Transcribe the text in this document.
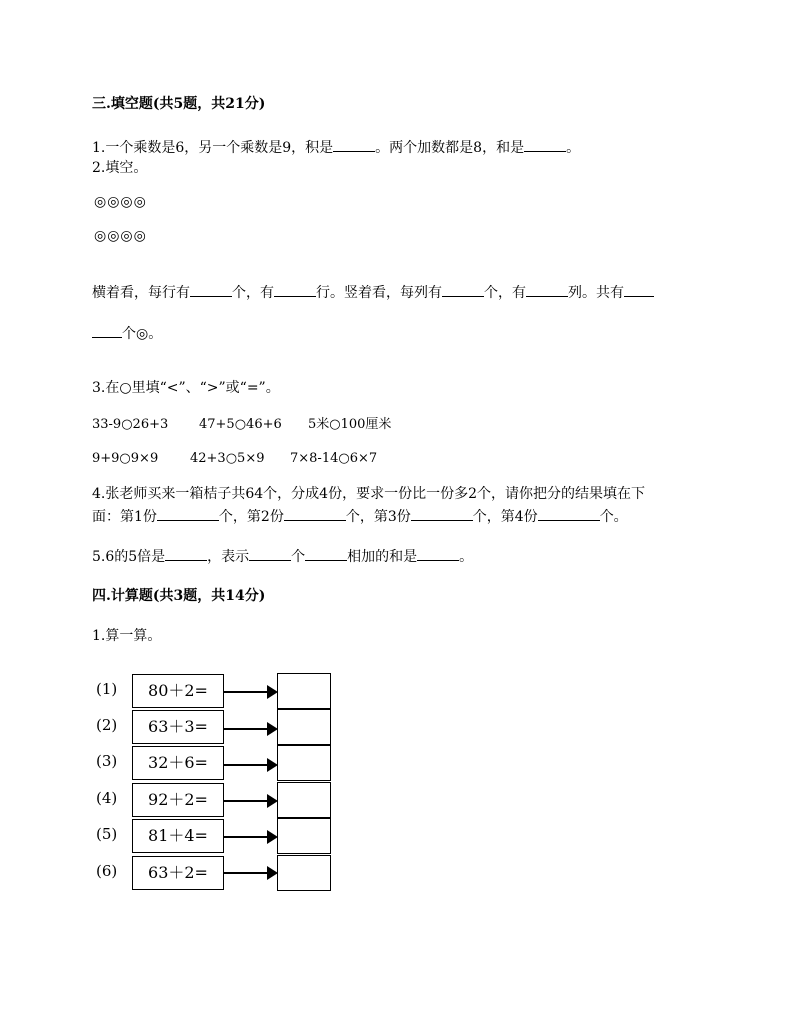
三.填空题(共5题，共21分)
1.一个乘数是6，另一个乘数是9，积是	。两个加数都是8，和是	。
2.填空。
◎◎◎◎
◎◎◎◎
横着看，每行有	个，有	行。竖着看，每列有	个，有	列。共有
个◎。
3.在○里填“<”、“>”或“=”。
33-9○26+3 47+5○46+6 5米○100厘米
9+9○9×9 42+3○5×9 7×8-14○6×7
4.张老师买来一箱桔子共64个，分成4份，要求一份比一份多2个，请你把分的结果填在下
面：第1份	个，第2份	个，第3份	个，第4份	个。
5.6的5倍是	，表示	个	相加的和是	。
四.计算题(共3题，共14分)
1.算一算。
(1)	80＋2=
(2)	63＋3=
(3)	32＋6=
(4)	92＋2=
(5)	81＋4=
(6)	63＋2=
